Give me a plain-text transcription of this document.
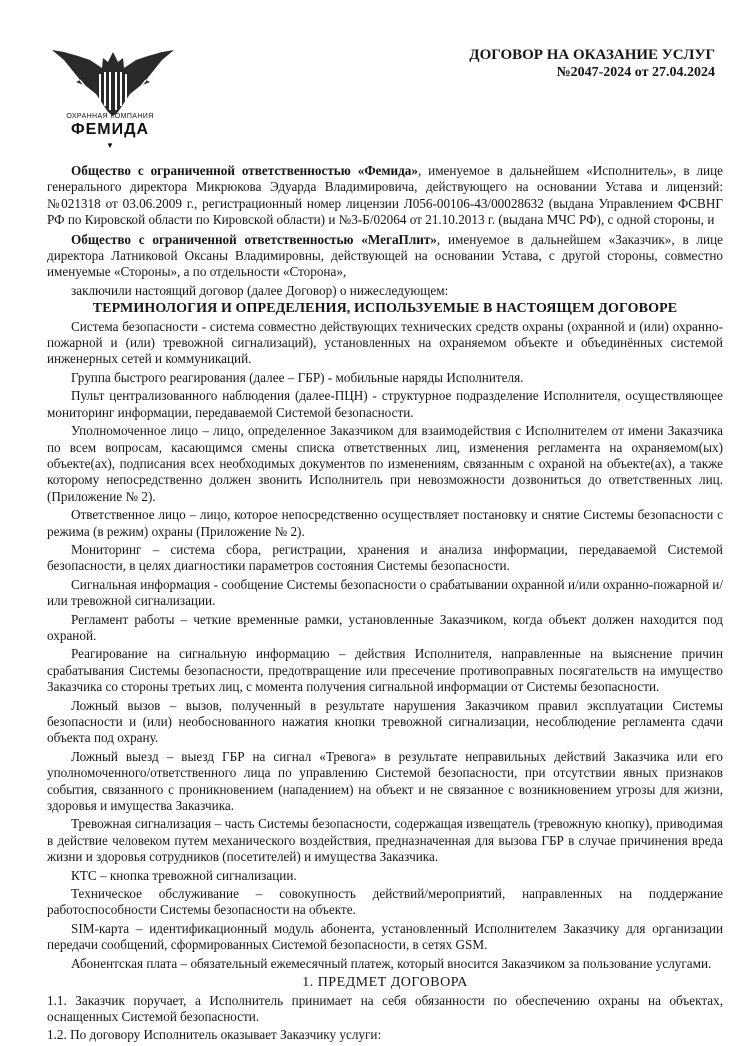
ОХРАННАЯ КОМПАНИЯ
ФЕМИДА
▼
ДОГОВОР НА ОКАЗАНИЕ УСЛУГ
№2047-2024 от 27.04.2024

Общество с ограниченной ответственностью «Фемида», именуемое в дальнейшем «Исполнитель», в лице генерального директора Микрюкова Эдуарда Владимировича, действующего на основании Устава и лицензий: №021318 от 03.06.2009 г., регистрационный номер лицензии Л056-00106-43/00028632 (выдана Управлением ФСВНГ РФ по Кировской области по Кировской области) и №3-Б/02064 от 21.10.2013 г. (выдана МЧС РФ), с одной стороны, и

Общество с ограниченной ответственностью «МегаПлит», именуемое в дальнейшем «Заказчик», в лице директора Латниковой Оксаны Владимировны, действующей на основании Устава, с другой стороны, совместно именуемые «Стороны», а по отдельности «Сторона»,

заключили настоящий договор (далее Договор) о нижеследующем:

ТЕРМИНОЛОГИЯ И ОПРЕДЕЛЕНИЯ, ИСПОЛЬЗУЕМЫЕ В НАСТОЯЩЕМ ДОГОВОРЕ

Система безопасности - система совместно действующих технических средств охраны (охранной и (или) охранно-пожарной и (или) тревожной сигнализаций), установленных на охраняемом объекте и объединённых системой инженерных сетей и коммуникаций.

Группа быстрого реагирования (далее – ГБР) - мобильные наряды Исполнителя.

Пульт централизованного наблюдения (далее-ПЦН) - структурное подразделение Исполнителя, осуществляющее мониторинг информации, передаваемой Системой безопасности.

Уполномоченное лицо – лицо, определенное Заказчиком для взаимодействия с Исполнителем от имени Заказчика по всем вопросам, касающимся смены списка ответственных лиц, изменения регламента на охраняемом(ых) объекте(ах), подписания всех необходимых документов по изменениям, связанным с охраной на объекте(ах), а также которому непосредственно должен звонить Исполнитель при невозможности дозвониться до ответственных лиц. (Приложение № 2).

Ответственное лицо – лицо, которое непосредственно осуществляет постановку и снятие Системы безопасности с режима (в режим) охраны (Приложение № 2).

Мониторинг – система сбора, регистрации, хранения и анализа информации, передаваемой Системой безопасности, в целях диагностики параметров состояния Системы безопасности.

Сигнальная информация - сообщение Системы безопасности о срабатывании охранной и/или охранно-пожарной и/или тревожной сигнализации.

Регламент работы – четкие временные рамки, установленные Заказчиком, когда объект должен находится под охраной.

Реагирование на сигнальную информацию – действия Исполнителя, направленные на выяснение причин срабатывания Системы безопасности, предотвращение или пресечение противоправных посягательств на имущество Заказчика со стороны третьих лиц, с момента получения сигнальной информации от Системы безопасности.

Ложный вызов – вызов, полученный в результате нарушения Заказчиком правил эксплуатации Системы безопасности и (или) необоснованного нажатия кнопки тревожной сигнализации, несоблюдение регламента сдачи объекта под охрану.

Ложный выезд – выезд ГБР на сигнал «Тревога» в результате неправильных действий Заказчика или его уполномоченного/ответственного лица по управлению Системой безопасности, при отсутствии явных признаков события, связанного с проникновением (нападением) на объект и не связанное с возникновением угрозы для жизни, здоровья и имущества Заказчика.

Тревожная сигнализация – часть Системы безопасности, содержащая извещатель (тревожную кнопку), приводимая в действие человеком путем механического воздействия, предназначенная для вызова ГБР в случае причинения вреда жизни и здоровья сотрудников (посетителей) и имущества Заказчика.

КТС – кнопка тревожной сигнализации.

Техническое обслуживание – совокупность действий/мероприятий, направленных на поддержание работоспособности Системы безопасности на объекте.

SIM-карта – идентификационный модуль абонента, установленный Исполнителем Заказчику для организации передачи сообщений, сформированных Системой безопасности, в сетях GSM.

Абонентская плата – обязательный ежемесячный платеж, который вносится Заказчиком за пользование услугами.

1. ПРЕДМЕТ ДОГОВОРА

1.1. Заказчик поручает, а Исполнитель принимает на себя обязанности по обеспечению охраны на объектах, оснащенных Системой безопасности.

1.2. По договору Исполнитель оказывает Заказчику услуги:
